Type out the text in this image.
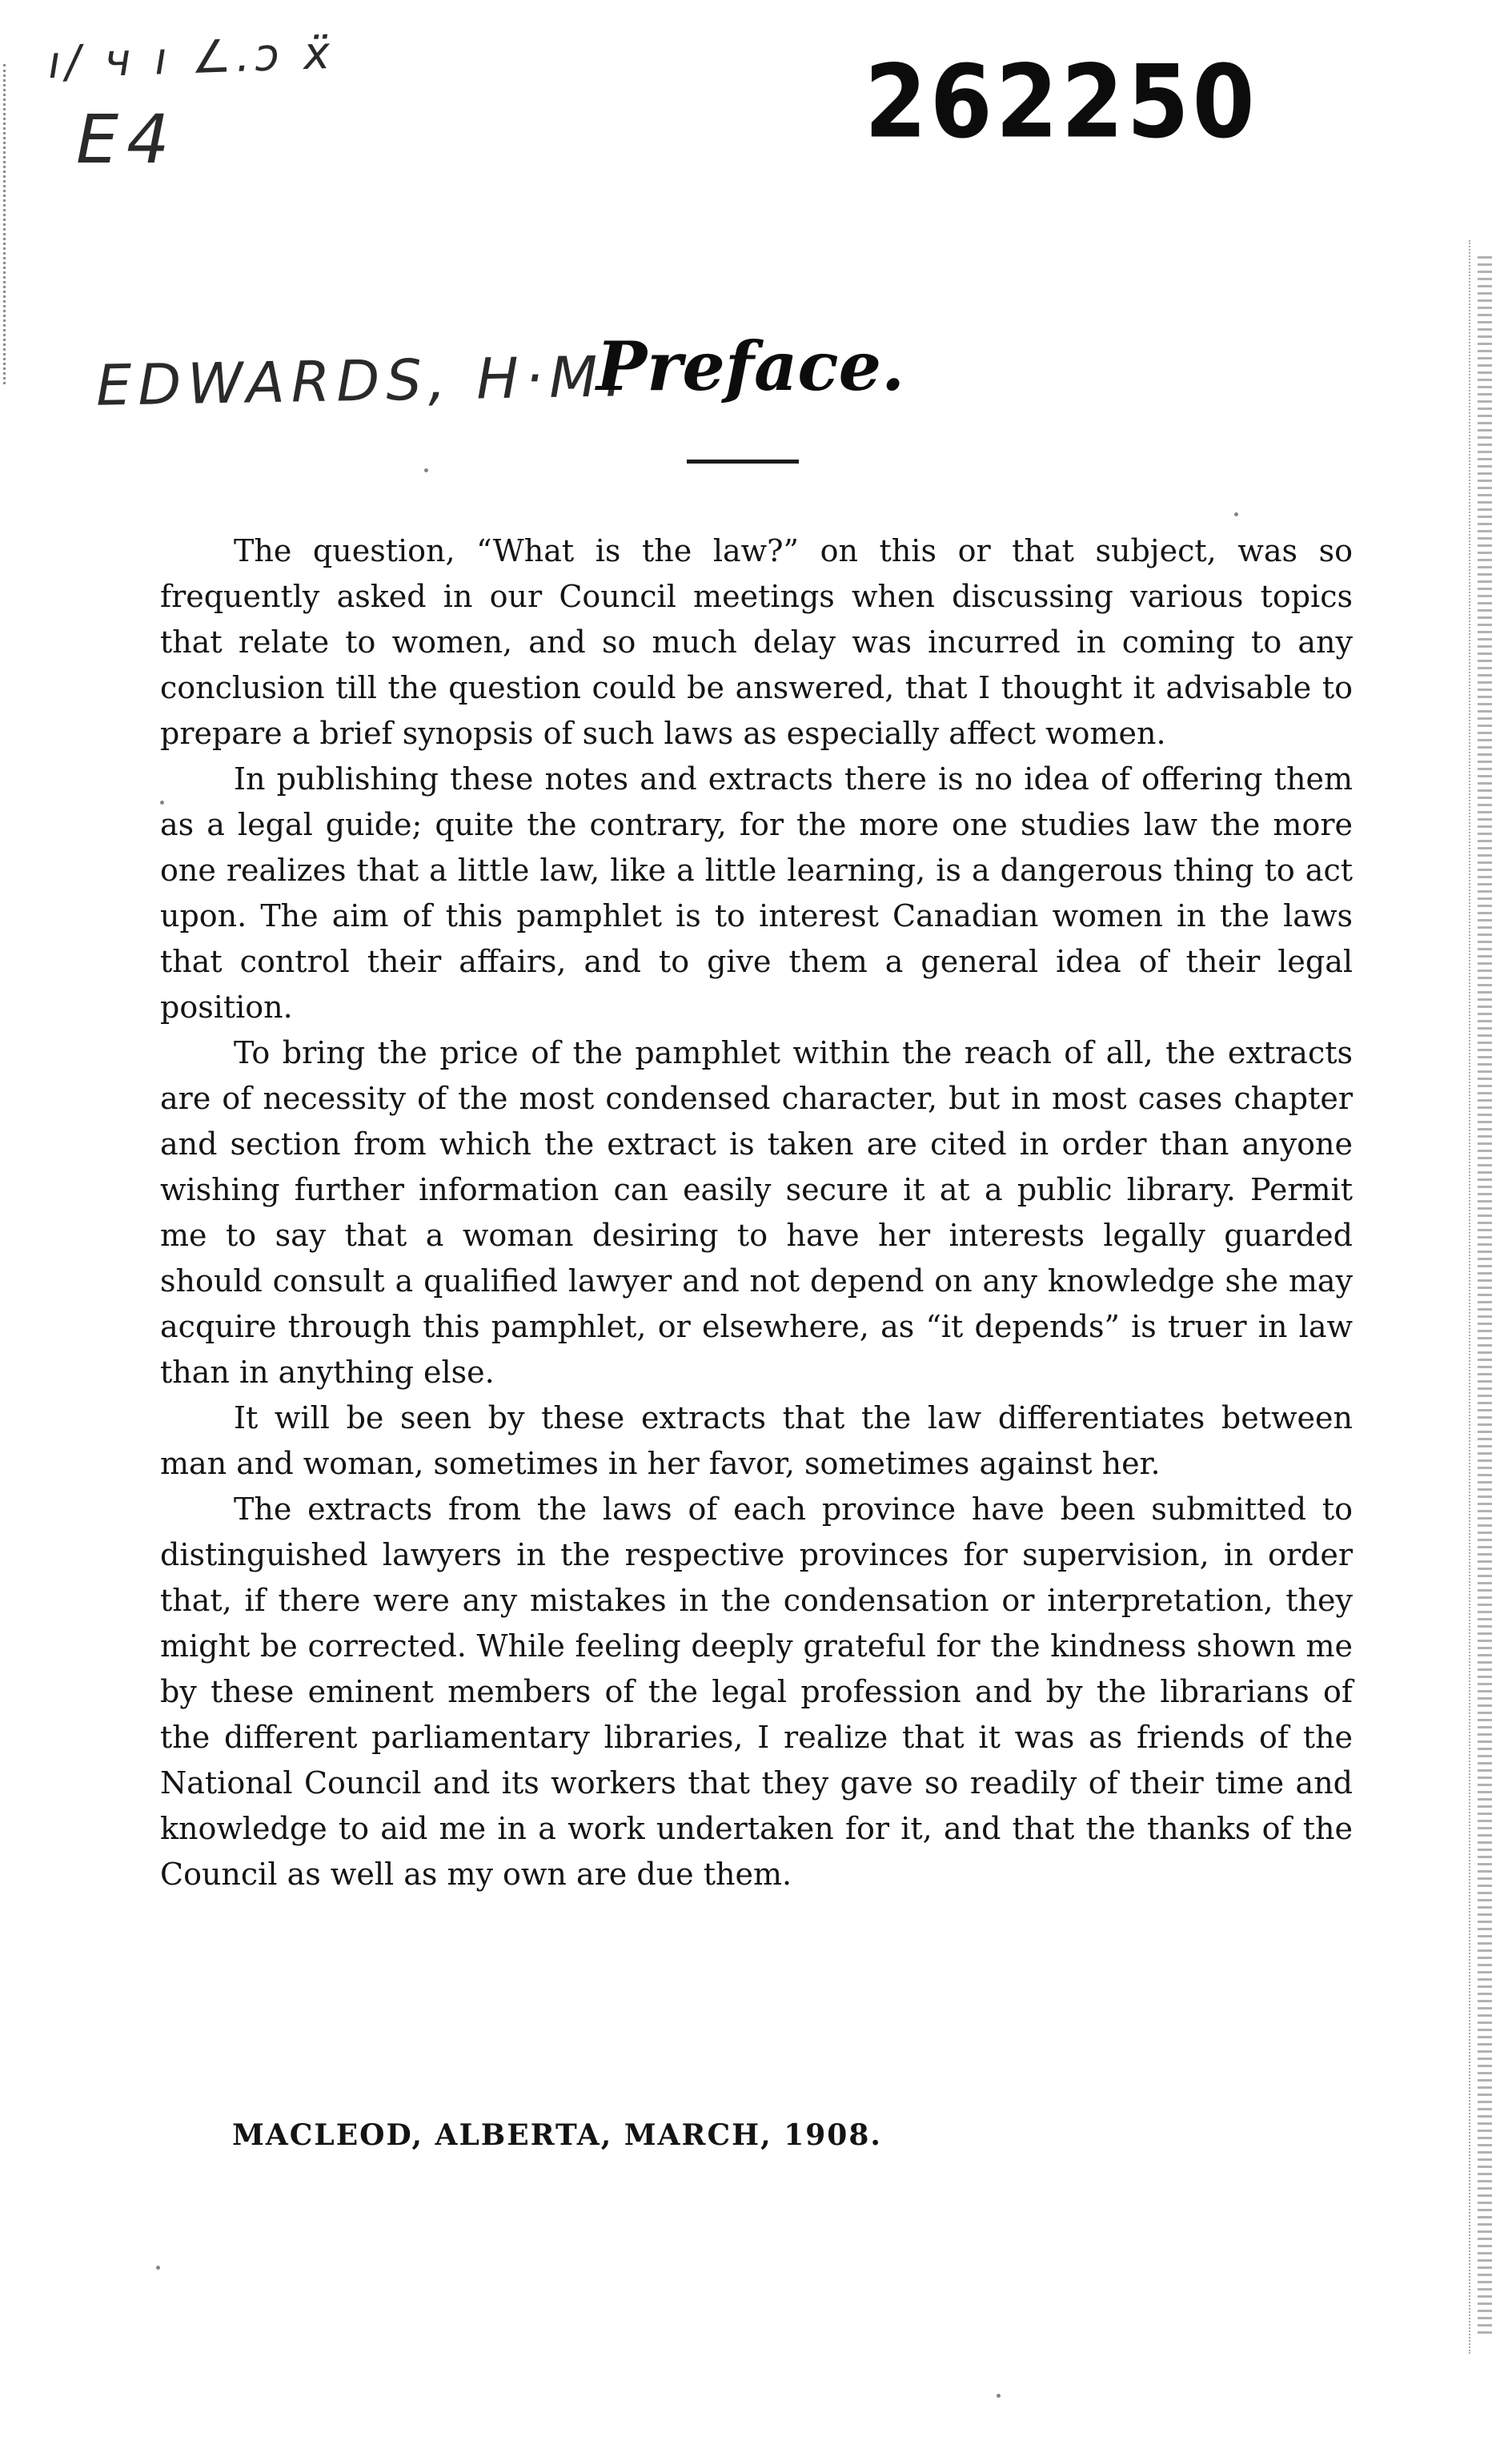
ı/ ч ı ∠.ɔ ẍ
E4	262250
EDWARDS, H·M.
Preface.

The question, “What is the law?” on this or that subject, was so frequently asked in our Council meetings when discussing various topics that relate to women, and so much delay was incurred in coming to any conclusion till the question could be answered, that I thought it advisable to prepare a brief synopsis of such laws as especially affect women.

In publishing these notes and extracts there is no idea of offering them as a legal guide; quite the contrary, for the more one studies law the more one realizes that a little law, like a little learning, is a dangerous thing to act upon. The aim of this pamphlet is to interest Canadian women in the laws that control their affairs, and to give them a general idea of their legal position.

To bring the price of the pamphlet within the reach of all, the extracts are of necessity of the most condensed character, but in most cases chapter and section from which the extract is taken are cited in order than anyone wishing further information can easily secure it at a public library. Permit me to say that a woman desiring to have her interests legally guarded should consult a qualified lawyer and not depend on any knowledge she may acquire through this pamphlet, or elsewhere, as “it depends” is truer in law than in anything else.

It will be seen by these extracts that the law differentiates between man and woman, sometimes in her favor, sometimes against her.

The extracts from the laws of each province have been submitted to distinguished lawyers in the respective provinces for supervision, in order that, if there were any mistakes in the condensation or interpretation, they might be corrected. While feeling deeply grateful for the kindness shown me by these eminent members of the legal profession and by the librarians of the different parliamentary libraries, I realize that it was as friends of the National Council and its workers that they gave so readily of their time and knowledge to aid me in a work undertaken for it, and that the thanks of the Council as well as my own are due them.

MACLEOD, ALBERTA, MARCH, 1908.
